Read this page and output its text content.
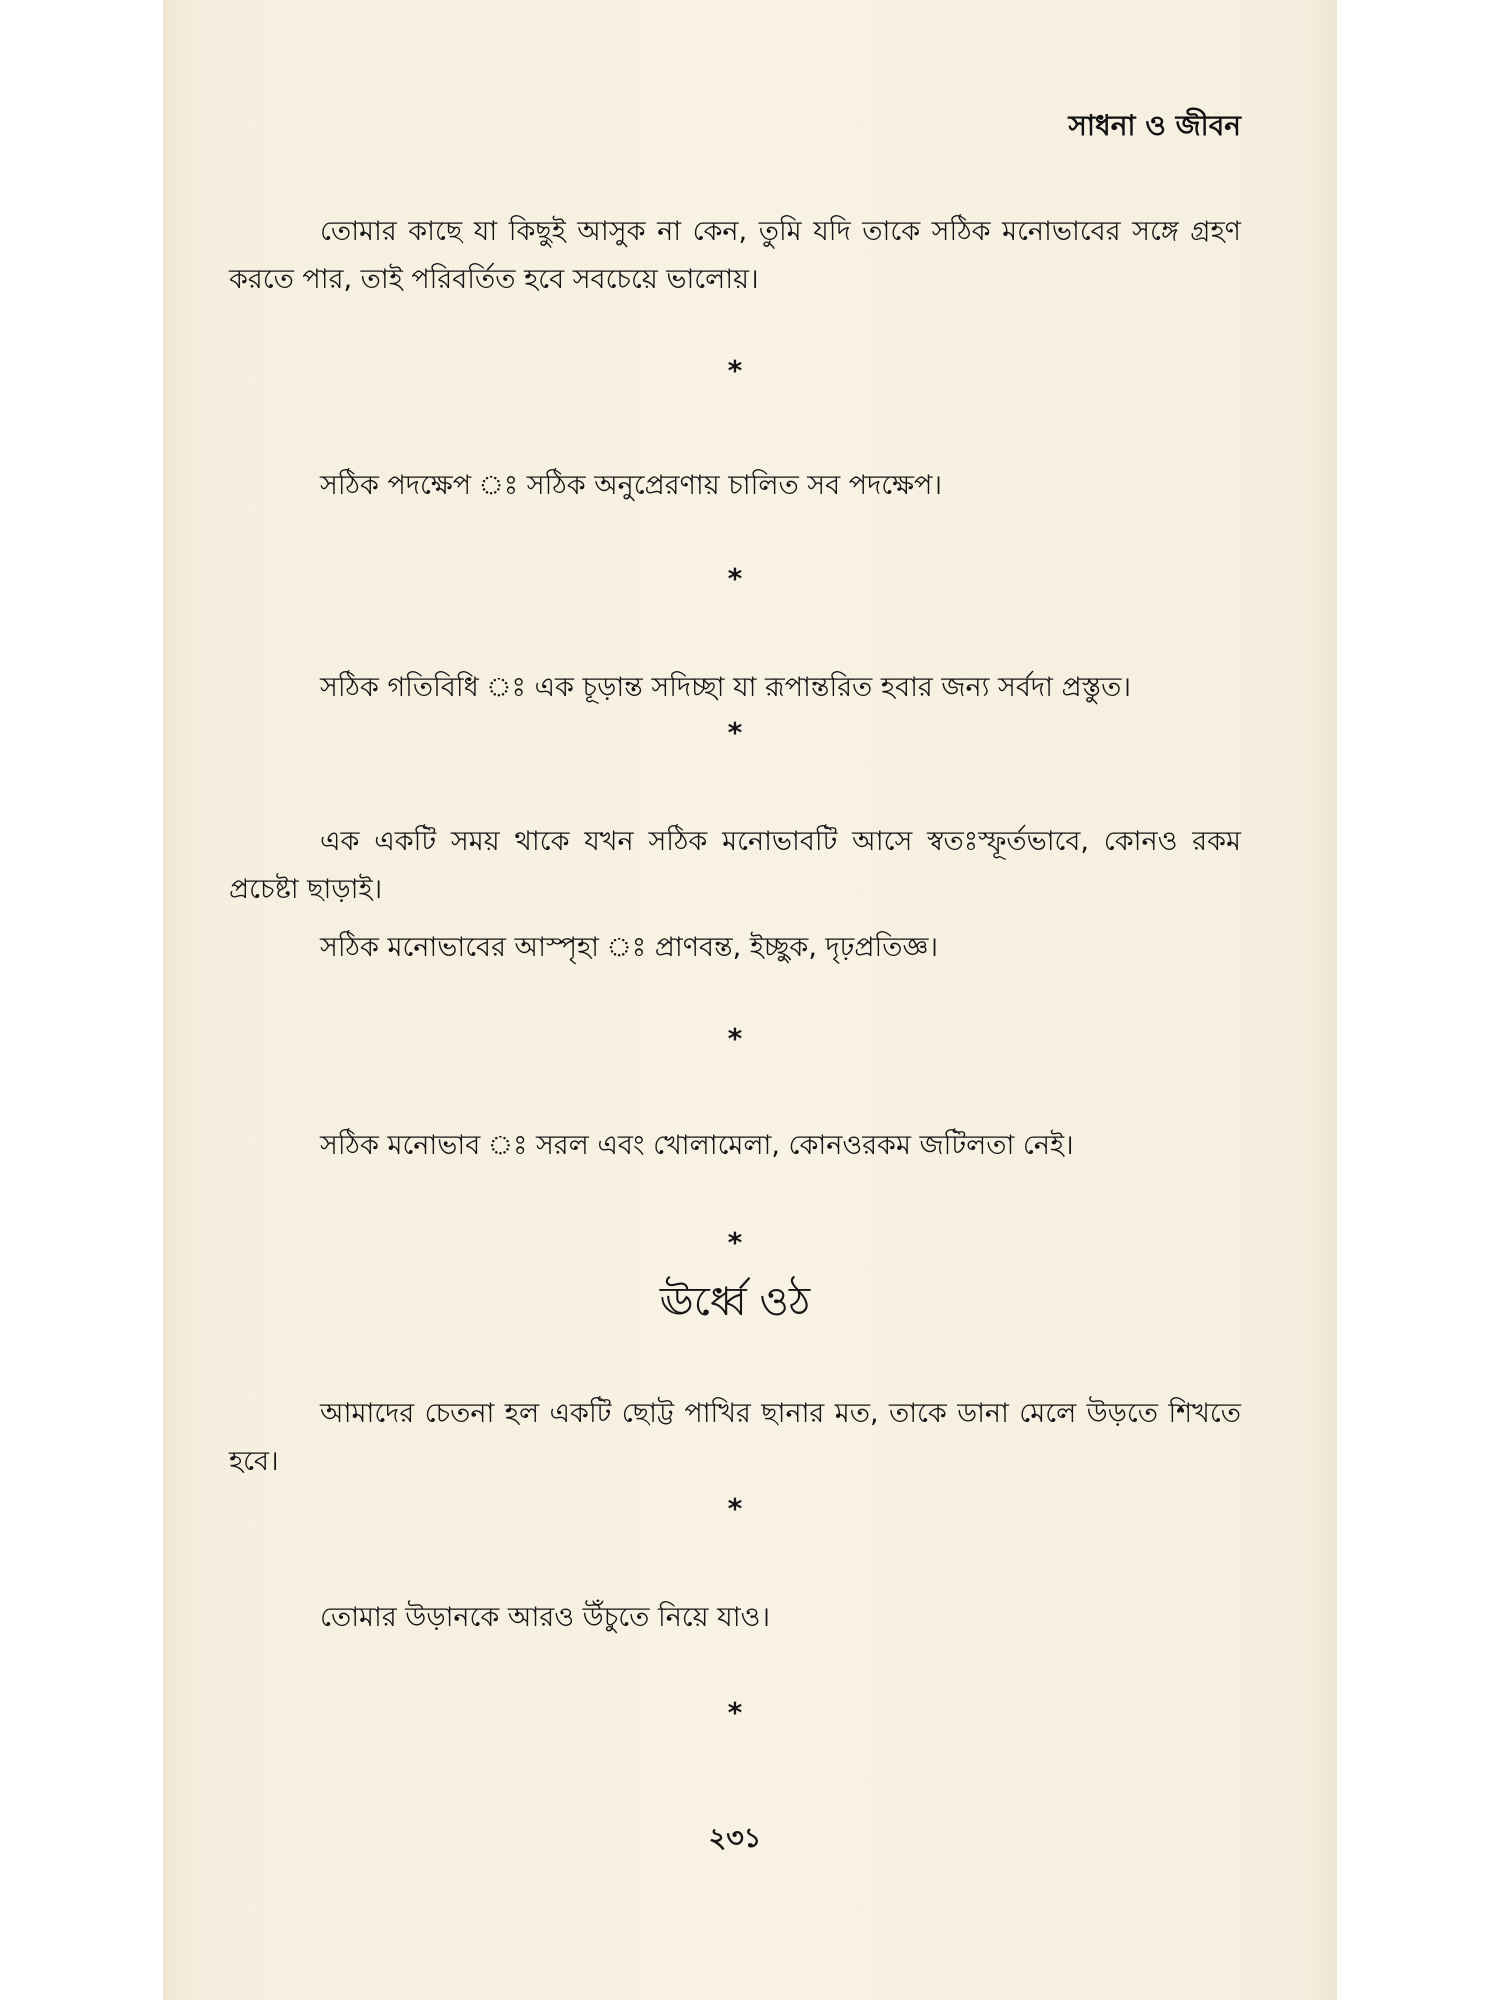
সাধনা ও জীবন

তোমার কাছে যা কিছুই আসুক না কেন, তুমি যদি তাকে সঠিক মনোভাবের সঙ্গে গ্রহণ করতে পার, তাই পরিবর্তিত হবে সবচেয়ে ভালোয়।

*

সঠিক পদক্ষেপ ঃ সঠিক অনুপ্রেরণায় চালিত সব পদক্ষেপ।

*

সঠিক গতিবিধি ঃ এক চূড়ান্ত সদিচ্ছা যা রূপান্তরিত হবার জন্য সর্বদা প্রস্তুত।

*

এক একটি সময় থাকে যখন সঠিক মনোভাবটি আসে স্বতঃস্ফূর্তভাবে, কোনও রকম প্রচেষ্টা ছাড়াই।

সঠিক মনোভাবের আস্পৃহা ঃ প্রাণবন্ত, ইচ্ছুক, দৃঢ়প্রতিজ্ঞ।

*

সঠিক মনোভাব ঃ সরল এবং খোলামেলা, কোনওরকম জটিলতা নেই।

*
ঊর্ধ্বে ওঠ

আমাদের চেতনা হল একটি ছোট্ট পাখির ছানার মত, তাকে ডানা মেলে উড়তে শিখতে হবে।

*

তোমার উড়ানকে আরও উঁচুতে নিয়ে যাও।

*
২৩১
